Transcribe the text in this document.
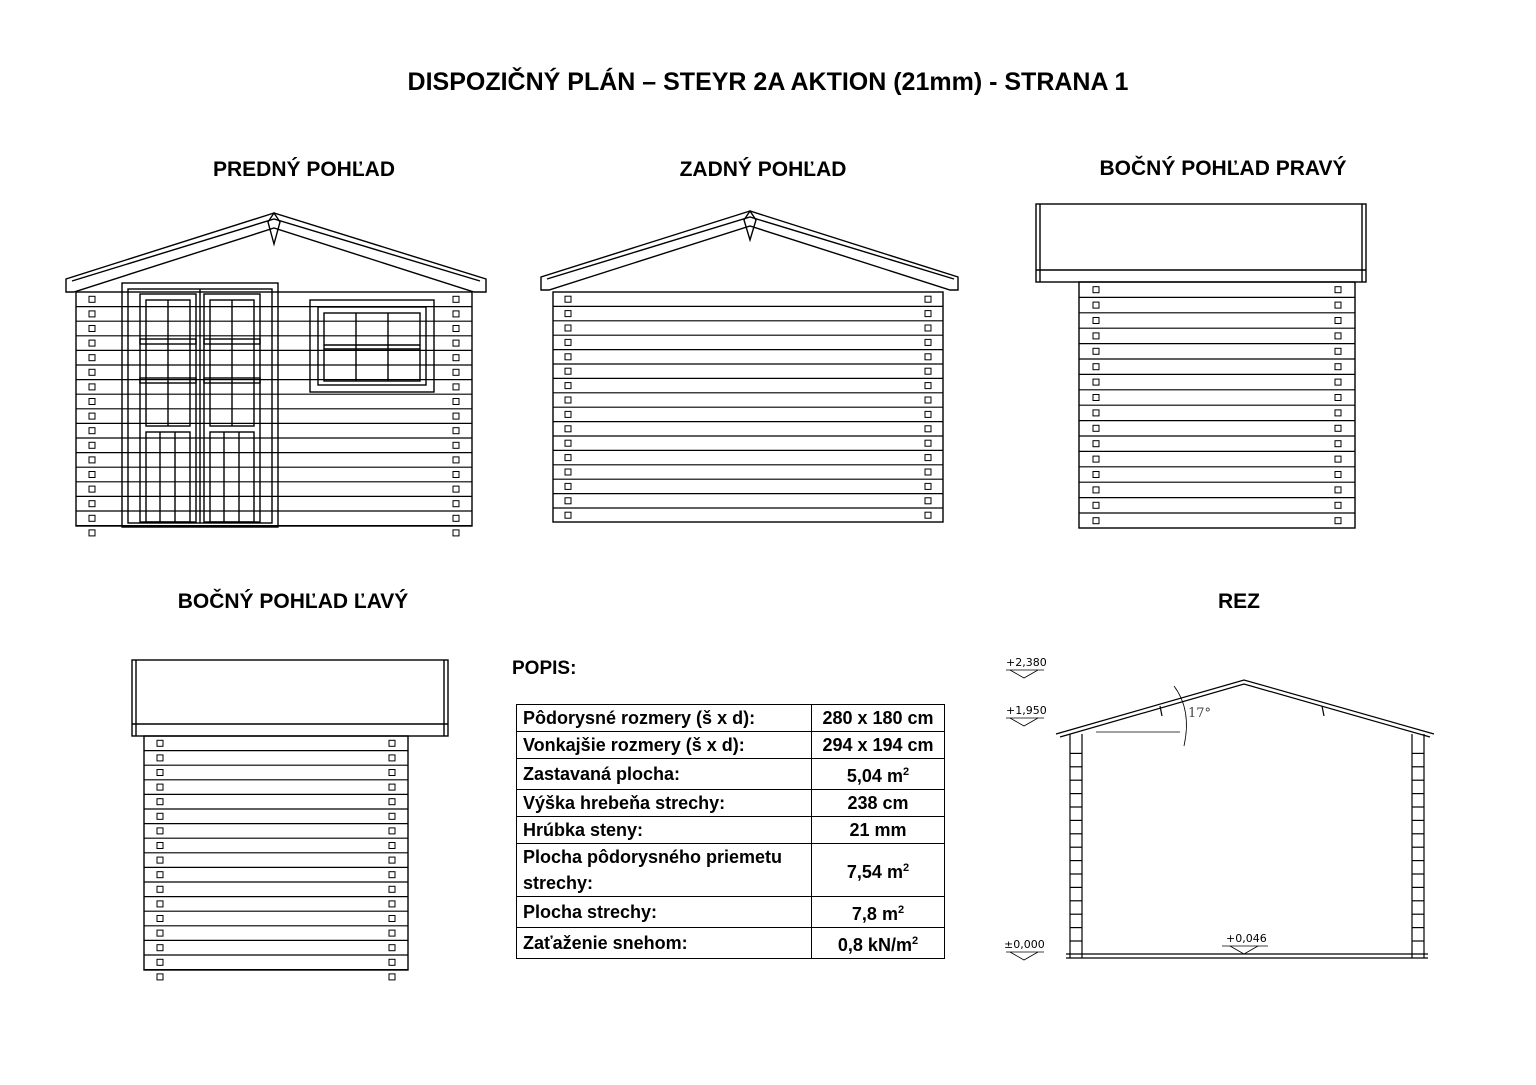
DISPOZIČNÝ PLÁN – STEYR 2A AKTION (21mm) - STRANA 1
PREDNÝ POHĽAD	ZADNÝ POHĽAD	BOČNÝ POHĽAD PRAVÝ
BOČNÝ POHĽAD ĽAVÝ	REZ
+2,380
+1,950
±0,000	+0,046
17°
POPIS:
Pôdorysné rozmery (š x d):	280 x 180 cm
Vonkajšie rozmery (š x d):	294 x 194 cm
Zastavaná plocha:	5,04 $m^2$
Výška hrebeňa strechy:	238 cm
Hrúbka steny:	21 mm
Plocha pôdorysného priemetu strechy:	7,54 $m^2$
Plocha strechy:	7,8 $m^2$
Zaťaženie snehom:	0,8 $kN/m^2$
